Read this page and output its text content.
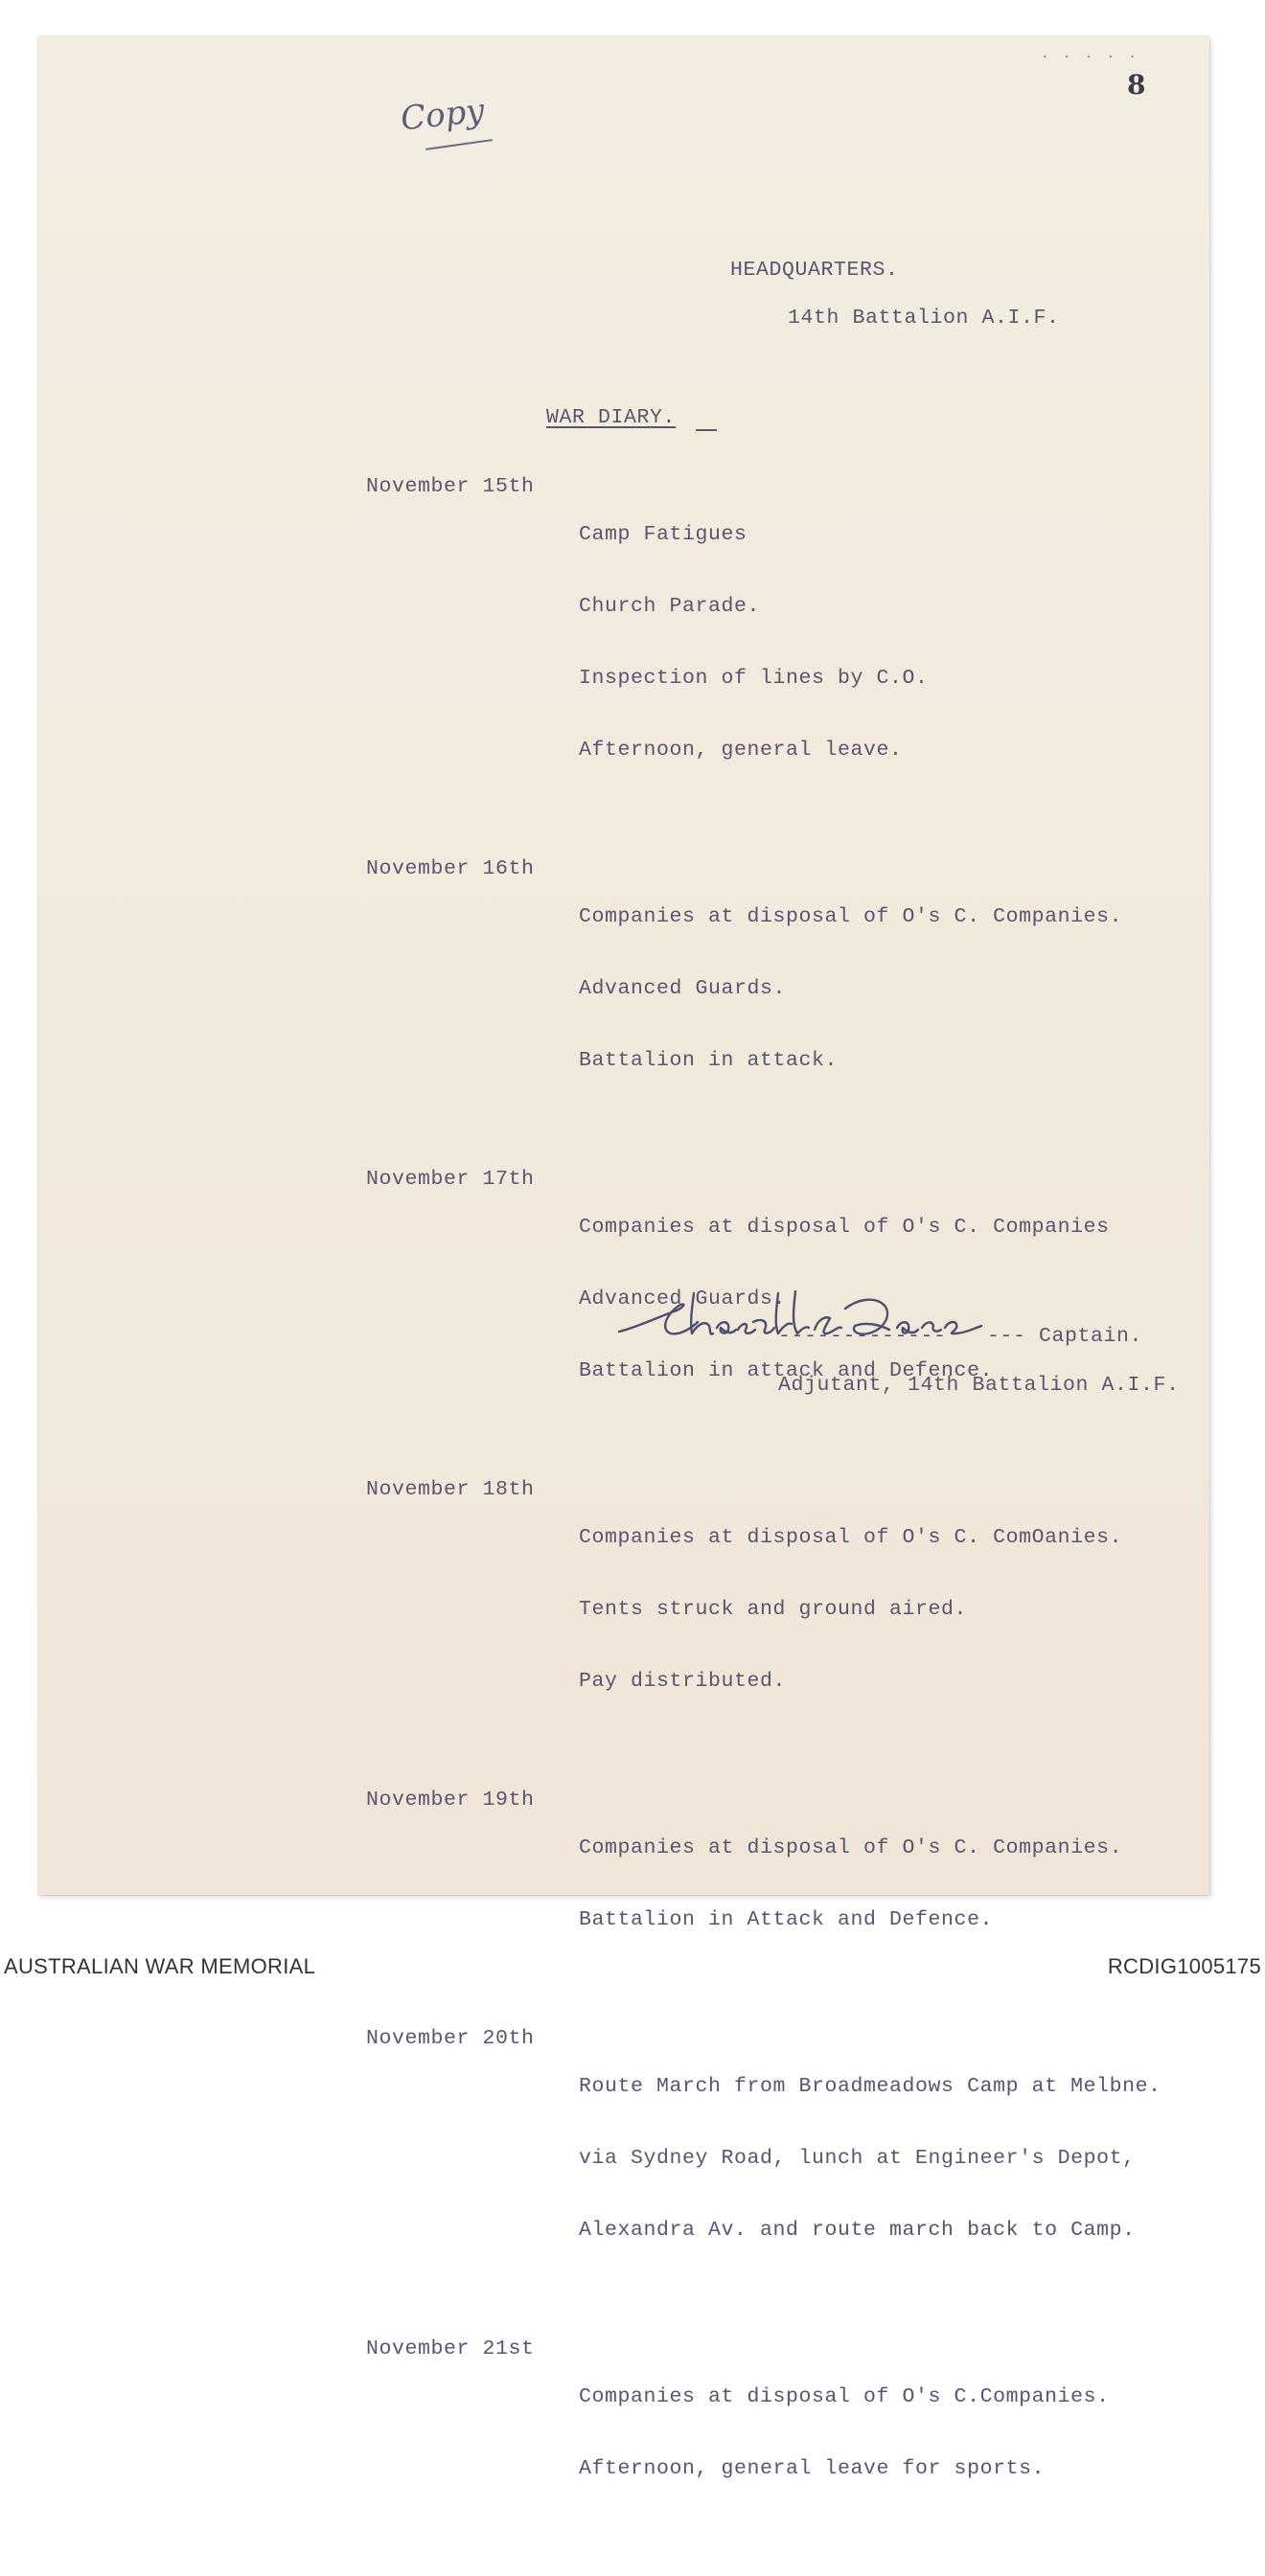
· · · · ·
8
Copy
HEADQUARTERS.
14th Battalion A.I.F.
WAR DIARY.
November 15th

Camp Fatigues

Church Parade.

Inspection of lines by C.O.

Afternoon, general leave.

November 16th

Companies at disposal of O's C. Companies.

Advanced Guards.

Battalion in attack.

November 17th

Companies at disposal of O's C. Companies

Advanced Guards.

Battalion in attack and Defence.

November 18th

Companies at disposal of O's C. ComOanies.

Tents struck and ground aired.

Pay distributed.

November 19th

Companies at disposal of O's C. Companies.

Battalion in Attack and Defence.

November 20th

Route March from Broadmeadows Camp at Melbne.

via Sydney Road, lunch at Engineer's Depot,

Alexandra Av. and route march back to Camp.

November 21st

Companies at disposal of O's C.Companies.

Afternoon, general leave for sports.

------------- --- Captain.
Adjutant, 14th Battalion A.I.F.
AUSTRALIAN WAR MEMORIAL	RCDIG1005175
